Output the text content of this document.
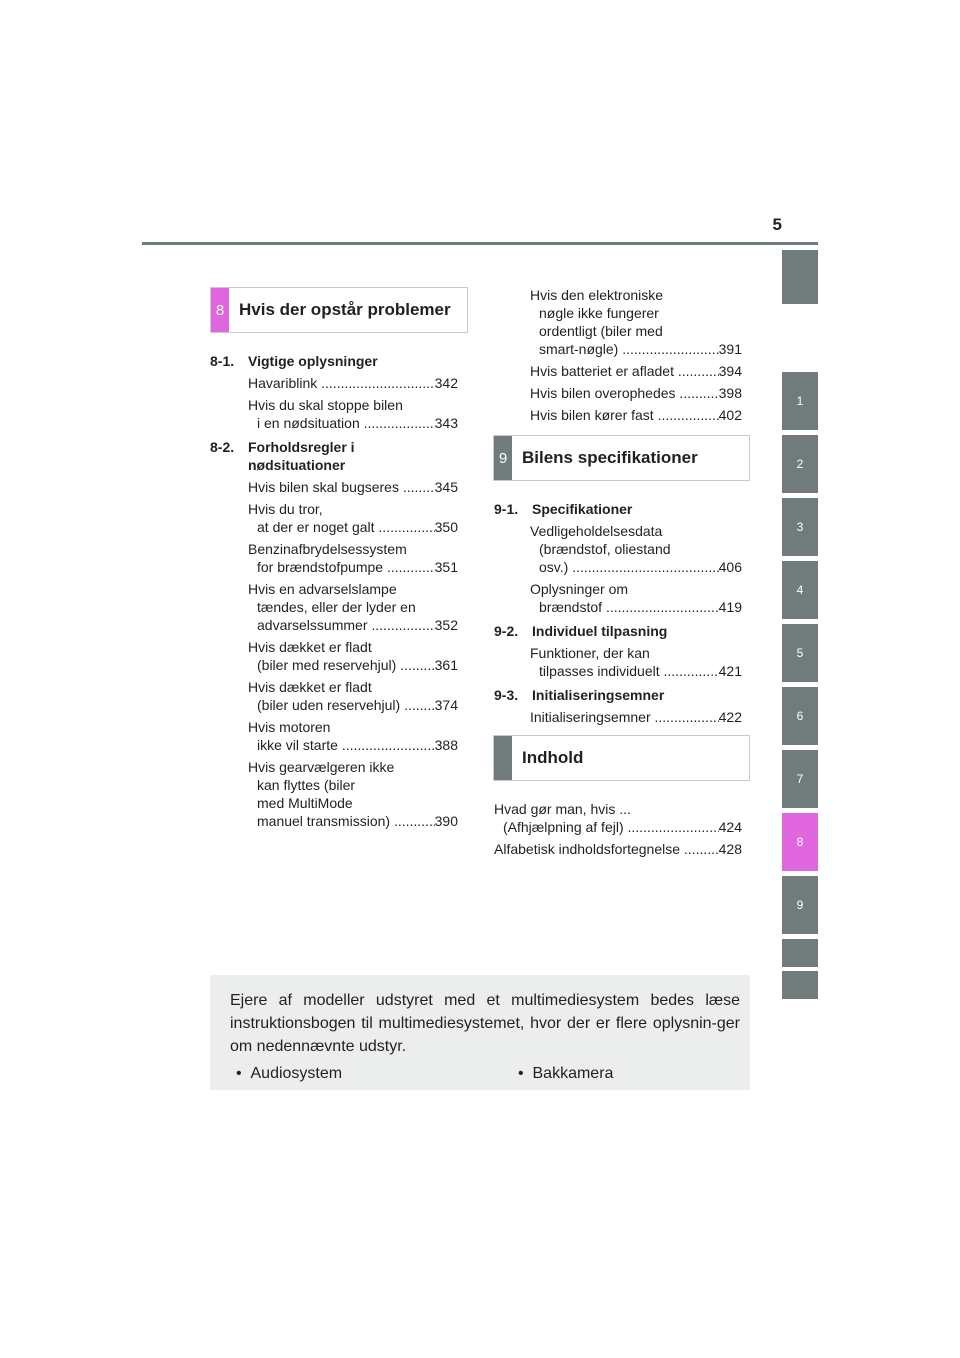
5
1
2
3
4
5
6
7
8
9
8 Hvis der opstår problemer
8-1. Vigtige oplysninger
Havariblink .....	342
Hvis du skal stoppe bilen
i en nødsituation .....	343
8-2. Forholdsregler i nødsituationer
Hvis bilen skal bugseres ..... 345
Hvis du tror,
at der er noget galt .....	350
Benzinafbrydelsessystem
for brændstofpumpe .....	351
Hvis en advarselslampe
tændes, eller der lyder en
advarselssummer .....	352
Hvis dækket er fladt
(biler med reservehjul) ..... 361
Hvis dækket er fladt
(biler uden reservehjul) ..... 374
Hvis motoren
ikke vil starte .....	388
Hvis gearvælgeren ikke
kan flyttes (biler
med MultiMode
manuel transmission) .....	390
Hvis den elektroniske
nøgle ikke fungerer
ordentligt (biler med
smart-nøgle) .....	391
Hvis batteriet er afladet .....	394
Hvis bilen overophedes .....	398
Hvis bilen kører fast .....	402
9 Bilens specifikationer
9-1. Specifikationer
Vedligeholdelsesdata
(brændstof, oliestand
osv.) .....	406
Oplysninger om
brændstof .....	419
9-2. Individuel tilpasning
Funktioner, der kan
tilpasses individuelt .....	421
9-3. Initialiseringsemner
Initialiseringsemner .....	422
Indhold
Hvad gør man, hvis ...
(Afhjælpning af fejl) .....	424
Alfabetisk indholdsfortegnelse ..... 428

Ejere af modeller udstyret med et multimediesystem bedes læse instruktionsbogen til multimediesystemet, hvor der er flere oplysnin-ger om nedennævnte udstyr.

•  Audiosystem	•  Bakkamera
